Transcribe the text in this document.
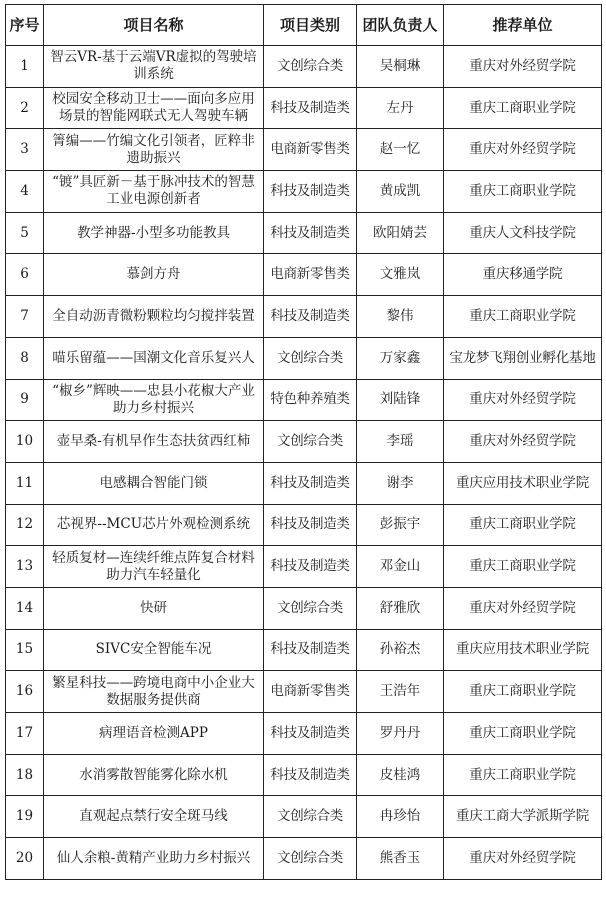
序号	项目名称	项目类别	团队负责人	推荐单位
1	智云VR-基于云端VR虚拟的驾驶培训系统	文创综合类	吴桐琳	重庆对外经贸学院
2	校园安全移动卫士——面向多应用场景的智能网联式无人驾驶车辆	科技及制造类	左丹	重庆工商职业学院
3	箐编——竹编文化引领者，匠粹非遗助振兴	电商新零售类	赵一忆	重庆对外经贸学院
4	“镀”具匠新－基于脉冲技术的智慧工业电源创新者	科技及制造类	黄成凯	重庆工商职业学院
5	教学神器-小型多功能教具	科技及制造类	欧阳婧芸	重庆人文科技学院
6	慕剑方舟	电商新零售类	文雅岚	重庆移通学院
7	全自动沥青微粉颗粒均匀搅拌装置	科技及制造类	黎伟	重庆工商职业学院
8	喵乐留蕴——国潮文化音乐复兴人	文创综合类	万家鑫	宝龙梦飞翔创业孵化基地
9	“椒乡”辉映——忠县小花椒大产业助力乡村振兴	特色种养殖类	刘陆锋	重庆对外经贸学院
10	壶早桑-有机早作生态扶贫西红柿	文创综合类	李瑶	重庆对外经贸学院
11	电感耦合智能门锁	科技及制造类	谢李	重庆应用技术职业学院
12	芯视界--MCU芯片外观检测系统	科技及制造类	彭振宇	重庆工商职业学院
13	轻质复材—连续纤维点阵复合材料助力汽车轻量化	科技及制造类	邓金山	重庆工商职业学院
14	快研	文创综合类	舒雅欣	重庆对外经贸学院
15	SIVC安全智能车况	科技及制造类	孙裕杰	重庆应用技术职业学院
16	繁星科技——跨境电商中小企业大数据服务提供商	电商新零售类	王浩年	重庆工商职业学院
17	病理语音检测APP	科技及制造类	罗丹丹	重庆工商职业学院
18	水消雾散智能雾化除水机	科技及制造类	皮桂鸿	重庆工商职业学院
19	直观起点禁行安全斑马线	文创综合类	冉珍怡	重庆工商大学派斯学院
20	仙人余粮-黄精产业助力乡村振兴	文创综合类	熊香玉	重庆对外经贸学院
